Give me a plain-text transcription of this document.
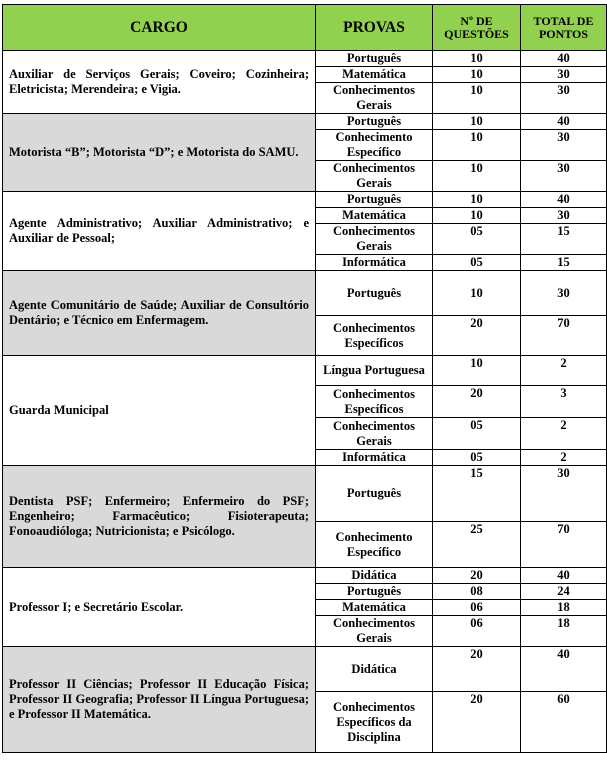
CARGO	PROVAS	Nº DE QUESTÕES	TOTAL DE PONTOS
Auxiliar de Serviços Gerais; Coveiro; Cozinheira; Eletricista; Merendeira; e Vigia.	Português	10	40
	Matemática	10	30
	Conhecimentos Gerais	10	30
Motorista “B”; Motorista “D”; e Motorista do SAMU.	Português	10	40
	Conhecimento Específico	10	30
	Conhecimentos Gerais	10	30
Agente Administrativo; Auxiliar Administrativo; e Auxiliar de Pessoal;	Português	10	40
	Matemática	10	30
	Conhecimentos Gerais	05	15
	Informática	05	15
Agente Comunitário de Saúde; Auxiliar de Consultório Dentário; e Técnico em Enfermagem.	Português	10	30
	Conhecimentos Específicos	20	70
Guarda Municipal	Língua Portuguesa	10	2
	Conhecimentos Específicos	20	3
	Conhecimentos Gerais	05	2
	Informática	05	2
Dentista PSF; Enfermeiro; Enfermeiro do PSF; Engenheiro; Farmacêutico; Fisioterapeuta; Fonoaudióloga; Nutricionista; e Psicólogo.	Português	15	30
	Conhecimento Específico	25	70
Professor I; e Secretário Escolar.	Didática	20	40
	Português	08	24
	Matemática	06	18
	Conhecimentos Gerais	06	18
Professor II Ciências; Professor II Educação Física; Professor II Geografia; Professor II Língua Portuguesa; e Professor II Matemática.	Didática	20	40
	Conhecimentos Específicos da Disciplina	20	60
